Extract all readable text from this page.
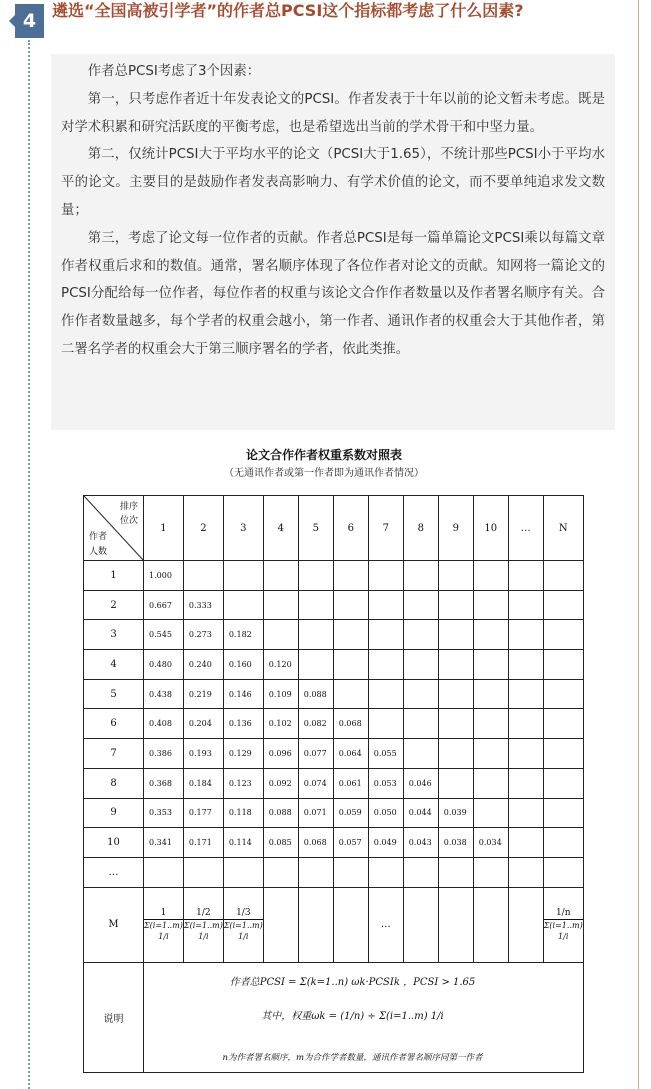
4 遴选“全国高被引学者”的作者总PCSI这个指标都考虑了什么因素?

作者总PCSI考虑了3个因素：

第一，只考虑作者近十年发表论文的PCSI。作者发表于十年以前的论文暂未考虑。既是对学术积累和研究活跃度的平衡考虑，也是希望选出当前的学术骨干和中坚力量。

第二，仅统计PCSI大于平均水平的论文（PCSI大于1.65），不统计那些PCSI小于平均水平的论文。主要目的是鼓励作者发表高影响力、有学术价值的论文，而不要单纯追求发文数量；

第三，考虑了论文每一位作者的贡献。作者总PCSI是每一篇单篇论文PCSI乘以每篇文章作者权重后求和的数值。通常，署名顺序体现了各位作者对论文的贡献。知网将一篇论文的PCSI分配给每一位作者，每位作者的权重与该论文合作作者数量以及作者署名顺序有关。合作作者数量越多，每个学者的权重会越小，第一作者、通讯作者的权重会大于其他作者，第二署名学者的权重会大于第三顺序署名的学者，依此类推。

论文合作作者权重系数对照表
（无通讯作者或第一作者即为通讯作者情况）
排序
位次
作者
人数	1	2	3	4	5	6	7	8	9	10	…	N
1	1.000											
2	0.667	0.333										
3	0.545	0.273	0.182									
4	0.480	0.240	0.160	0.120								
5	0.438	0.219	0.146	0.109	0.088							
6	0.408	0.204	0.136	0.102	0.082	0.068						
7	0.386	0.193	0.129	0.096	0.077	0.064	0.055					
8	0.368	0.184	0.123	0.092	0.074	0.061	0.053	0.046				
9	0.353	0.177	0.118	0.088	0.071	0.059	0.050	0.044	0.039			
10	0.341	0.171	0.114	0.085	0.068	0.057	0.049	0.043	0.038	0.034		
…												
M	$\frac{1}{\Sigma(i=1..m) 1/i}$	$\frac{1/2}{\Sigma(i=1..m) 1/i}$	$\frac{1/3}{\Sigma(i=1..m) 1/i}$				…					$\frac{1/n}{\Sigma(i=1..m) 1/i}$

说明	作者总PCSI = Σ(k=1..n) ωk·PCSIk ，PCSI > 1.65
其中，权重ωk = (1/n) ÷ Σ(i=1..m) 1/i
n为作者署名顺序，m为合作学者数量，通讯作者署名顺序同第一作者											
